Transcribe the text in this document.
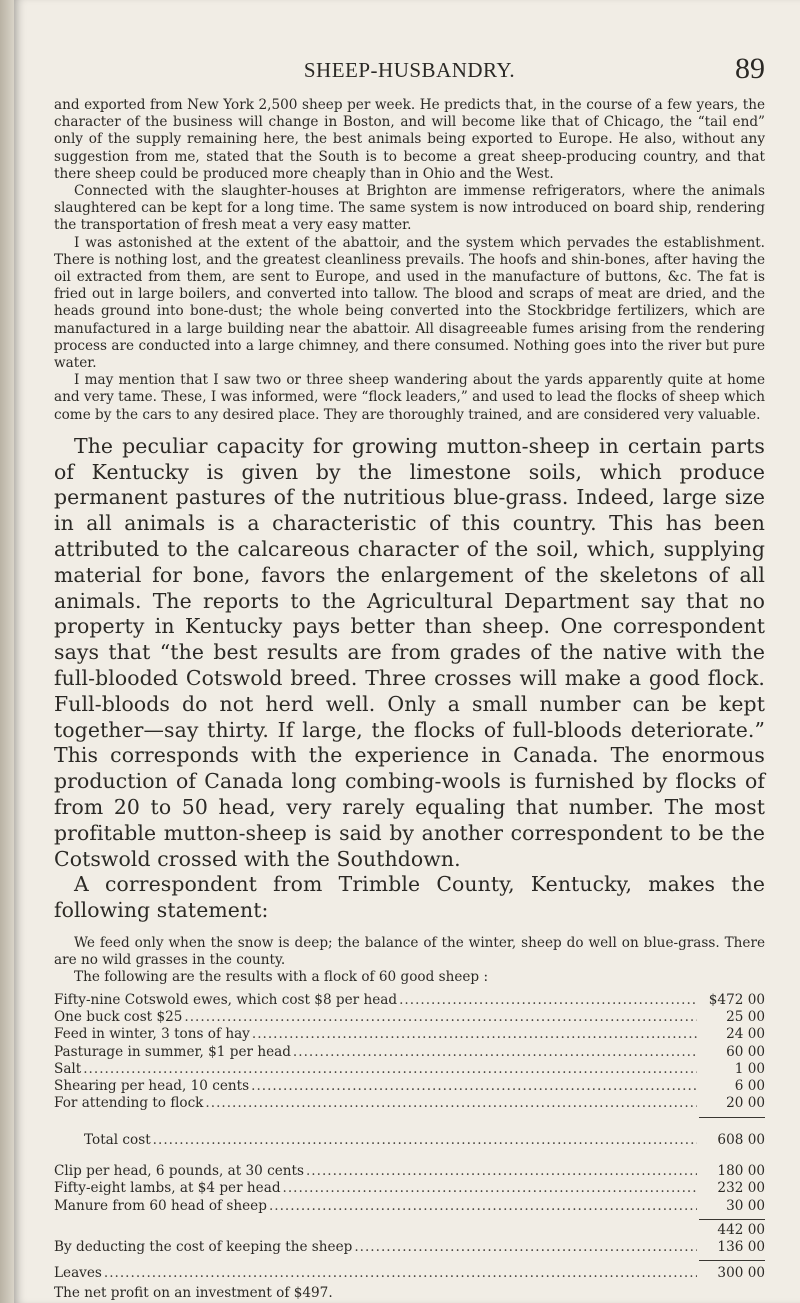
SHEEP-HUSBANDRY.	89

and exported from New York 2,500 sheep per week. He predicts that, in the course of a few years, the character of the business will change in Boston, and will become like that of Chicago, the “tail end” only of the supply remaining here, the best animals being exported to Europe. He also, without any suggestion from me, stated that the South is to become a great sheep-producing country, and that there sheep could be produced more cheaply than in Ohio and the West.

Connected with the slaughter-houses at Brighton are immense refrigerators, where the animals slaughtered can be kept for a long time. The same system is now introduced on board ship, rendering the transportation of fresh meat a very easy matter.

I was astonished at the extent of the abattoir, and the system which pervades the establishment. There is nothing lost, and the greatest cleanliness prevails. The hoofs and shin-bones, after having the oil extracted from them, are sent to Europe, and used in the manufacture of buttons, &c. The fat is fried out in large boilers, and converted into tallow. The blood and scraps of meat are dried, and the heads ground into bone-dust; the whole being converted into the Stockbridge fertilizers, which are manufactured in a large building near the abattoir. All disagreeable fumes arising from the rendering process are conducted into a large chimney, and there consumed. Nothing goes into the river but pure water.

I may mention that I saw two or three sheep wandering about the yards apparently quite at home and very tame. These, I was informed, were “flock leaders,” and used to lead the flocks of sheep which come by the cars to any desired place. They are thoroughly trained, and are considered very valuable.

The peculiar capacity for growing mutton-sheep in certain parts of Kentucky is given by the limestone soils, which produce permanent pastures of the nutritious blue-grass. Indeed, large size in all animals is a characteristic of this country. This has been attributed to the calcareous character of the soil, which, supplying material for bone, favors the enlargement of the skeletons of all animals. The reports to the Agricultural Department say that no property in Kentucky pays better than sheep. One correspondent says that “the best results are from grades of the native with the full-blooded Cotswold breed. Three crosses will make a good flock. Full-bloods do not herd well. Only a small number can be kept together—say thirty. If large, the flocks of full-bloods deteriorate.” This corresponds with the experience in Canada. The enormous production of Canada long combing-wools is furnished by flocks of from 20 to 50 head, very rarely equaling that number. The most profitable mutton-sheep is said by another correspondent to be the Cotswold crossed with the Southdown.

A correspondent from Trimble County, Kentucky, makes the following statement:

We feed only when the snow is deep; the balance of the winter, sheep do well on blue-grass. There are no wild grasses in the county.

The following are the results with a flock of 60 good sheep :

Fifty-nine Cotswold ewes, which cost $8 per head .....	$472 00
One buck cost $25 .....	25 00
Feed in winter, 3 tons of hay .....	24 00
Pasturage in summer, $1 per head .....	60 00
Salt .....	1 00
Shearing per head, 10 cents .....	6 00
For attending to flock .....	20 00
Total cost .....	608 00
Clip per head, 6 pounds, at 30 cents .....	180 00
Fifty-eight lambs, at $4 per head .....	232 00
Manure from 60 head of sheep .....	30 00
442 00
By deducting the cost of keeping the sheep .....	136 00
Leaves .....	300 00
The net profit on an investment of $497.
